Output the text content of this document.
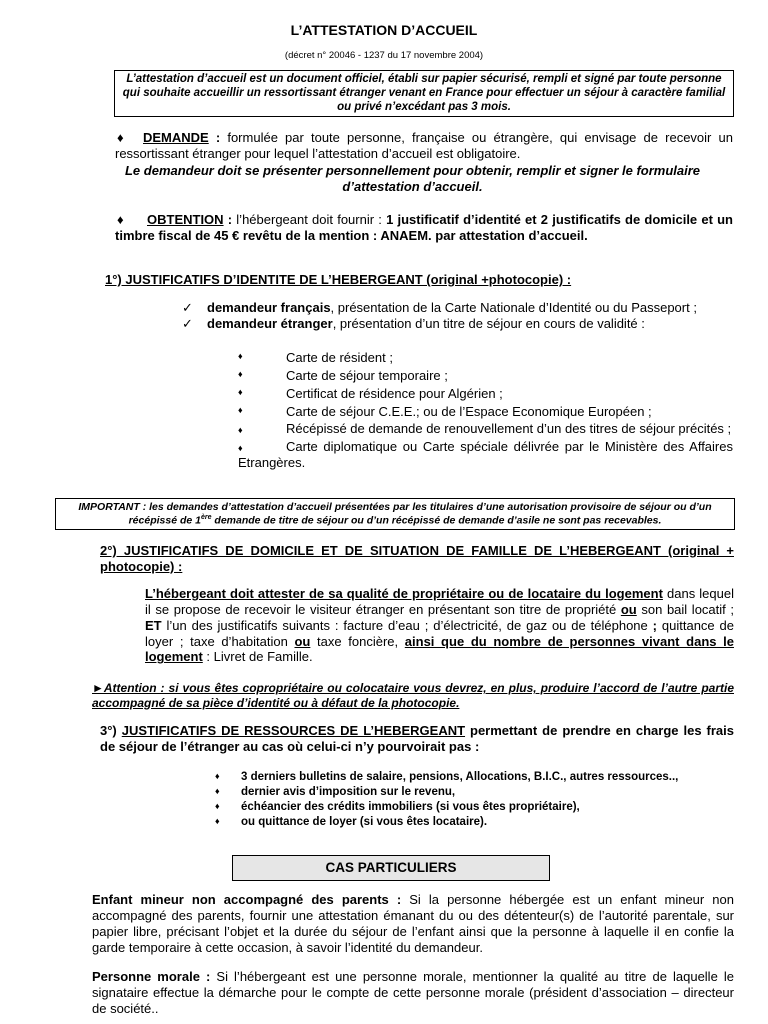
L’ATTESTATION D’ACCUEIL
(décret n° 20046 - 1237 du 17 novembre 2004)
L’attestation d’accueil est un document officiel, établi sur papier sécurisé, rempli et signé par toute personne qui souhaite accueillir un ressortissant étranger venant en France pour effectuer un séjour à caractère familial ou privé n’excédant pas 3 mois.
♦ DEMANDE : formulée par toute personne, française ou étrangère, qui envisage de recevoir un ressortissant étranger pour lequel l’attestation d’accueil est obligatoire.
Le demandeur doit se présenter personnellement pour obtenir, remplir et signer le formulaire d’attestation d’accueil.
♦ OBTENTION : l’hébergeant doit fournir : 1 justificatif d’identité et 2 justificatifs de domicile et un timbre fiscal de 45 € revêtu de la mention : ANAEM. par attestation d’accueil.
1°) JUSTIFICATIFS D’IDENTITE DE L’HEBERGEANT (original +photocopie) :
✓ demandeur français, présentation de la Carte Nationale d’Identité ou du Passeport ;
✓ demandeur étranger, présentation d’un titre de séjour en cours de validité :
♦	Carte de résident ;
♦	Carte de séjour temporaire ;
♦	Certificat de résidence pour Algérien ;
♦	Carte de séjour C.E.E.; ou de l’Espace Economique Européen ;
♦	Récépissé de demande de renouvellement d’un des titres de séjour précités ;
♦	Carte diplomatique ou Carte spéciale délivrée par le Ministère des Affaires Etrangères.
IMPORTANT : les demandes d’attestation d’accueil présentées par les titulaires d’une autorisation provisoire de séjour ou d’un récépissé de 1ère demande de titre de séjour ou d’un récépissé de demande d’asile ne sont pas recevables.
2°) JUSTIFICATIFS DE DOMICILE ET DE SITUATION DE FAMILLE DE L’HEBERGEANT (original + photocopie) :
L’hébergeant doit attester de sa qualité de propriétaire ou de locataire du logement dans lequel il se propose de recevoir le visiteur étranger en présentant son titre de propriété ou son bail locatif ; ET l’un des justificatifs suivants : facture d’eau ; d’électricité, de gaz ou de téléphone ; quittance de loyer ; taxe d’habitation ou taxe foncière, ainsi que du nombre de personnes vivant dans le logement : Livret de Famille.
►Attention : si vous êtes copropriétaire ou colocataire vous devrez, en plus, produire l’accord de l’autre partie accompagné de sa pièce d’identité ou à défaut de la photocopie.
3°) JUSTIFICATIFS DE RESSOURCES DE L’HEBERGEANT permettant de prendre en charge les frais de séjour de l’étranger au cas où celui-ci n’y pourvoirait pas :
♦	3 derniers bulletins de salaire, pensions, Allocations, B.I.C., autres ressources..,
♦	dernier avis d’imposition sur le revenu,
♦	échéancier des crédits immobiliers (si vous êtes propriétaire),
♦	ou quittance de loyer (si vous êtes locataire).
CAS PARTICULIERS
Enfant mineur non accompagné des parents : Si la personne hébergée est un enfant mineur non accompagné des parents, fournir une attestation émanant du ou des détenteur(s) de l’autorité parentale, sur papier libre, précisant l’objet et la durée du séjour de l’enfant ainsi que la personne à laquelle il en confie la garde temporaire à cette occasion, à savoir l’identité du demandeur.
Personne morale : Si l’hébergeant est une personne morale, mentionner la qualité au titre de laquelle le signataire effectue la démarche pour le compte de cette personne morale (président d’association – directeur de société..
